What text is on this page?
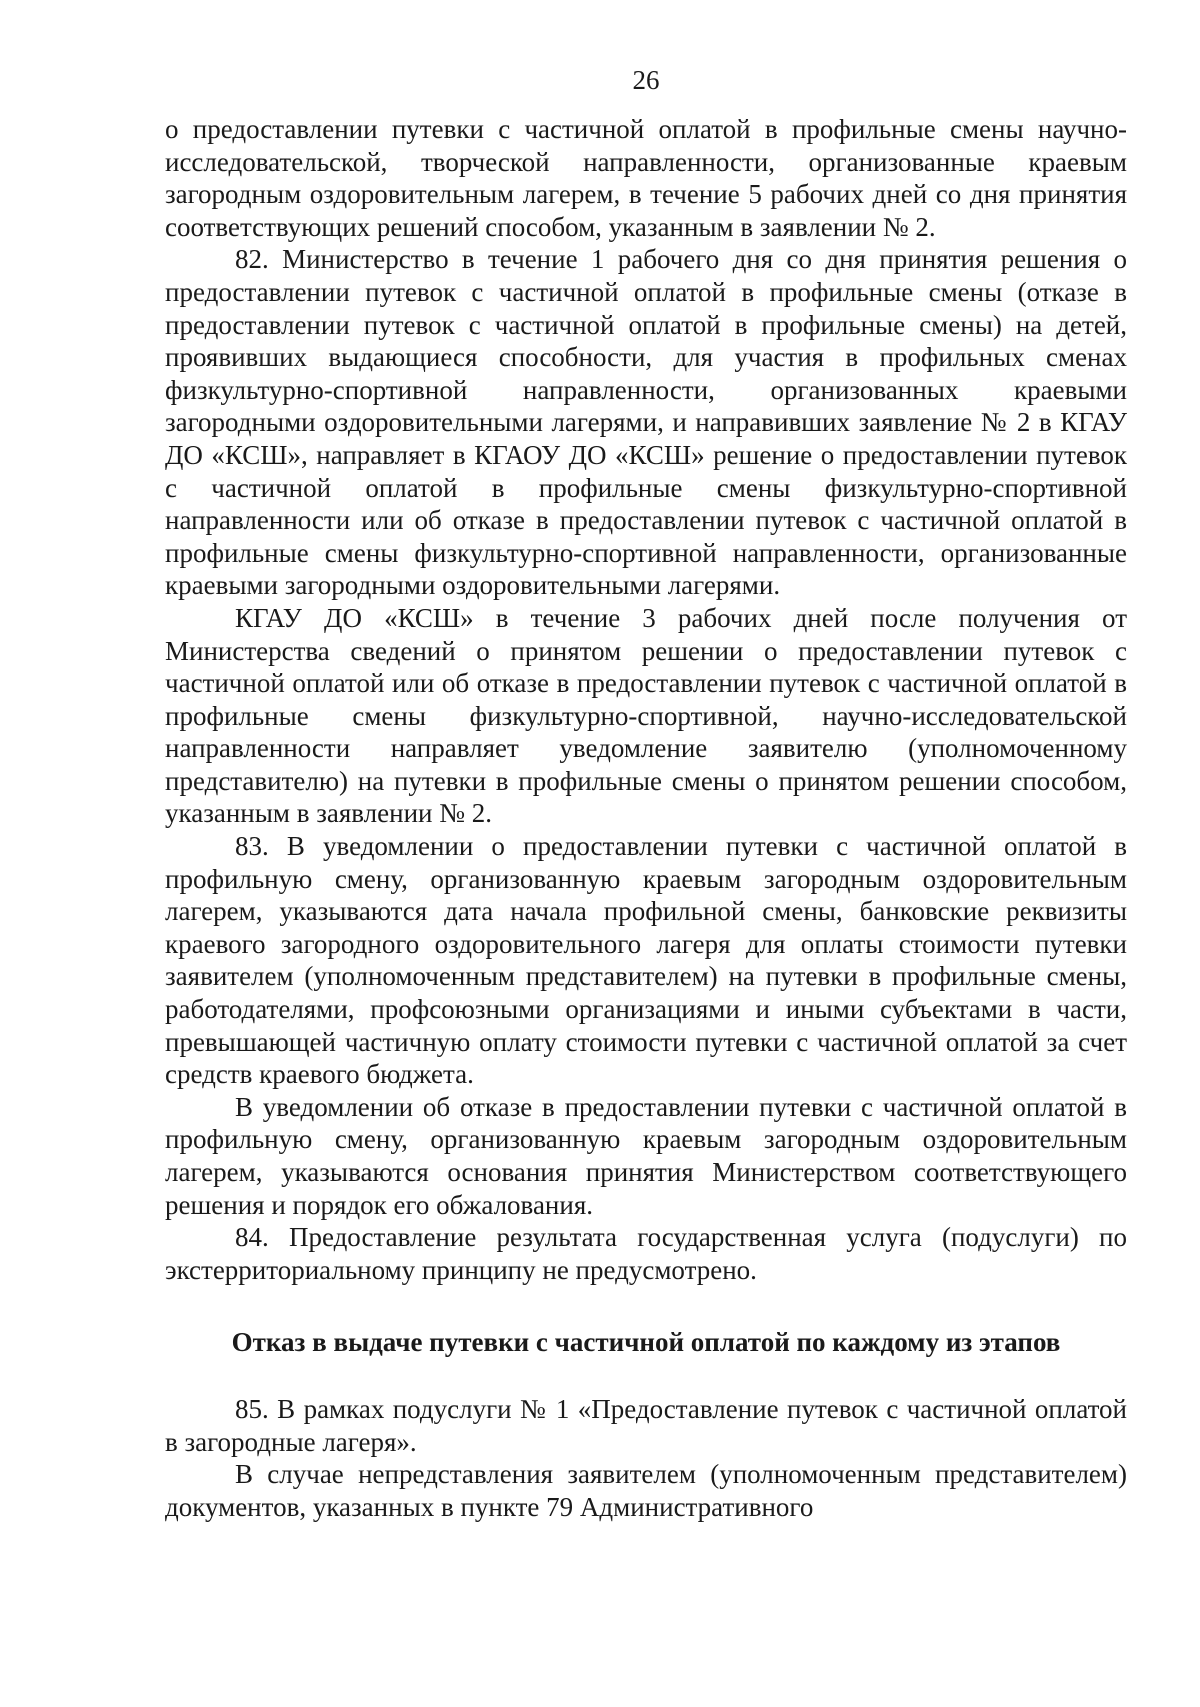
26

о предоставлении путевки с частичной оплатой в профильные смены научно-исследовательской, творческой направленности, организованные краевым загородным оздоровительным лагерем, в течение 5 рабочих дней со дня принятия соответствующих решений способом, указанным в заявлении № 2.

82. Министерство в течение 1 рабочего дня со дня принятия решения о предоставлении путевок с частичной оплатой в профильные смены (отказе в предоставлении путевок с частичной оплатой в профильные смены) на детей, проявивших выдающиеся способности, для участия в профильных сменах физкультурно-спортивной направленности, организованных краевыми загородными оздоровительными лагерями, и направивших заявление № 2 в КГАУ ДО «КСШ», направляет в КГАОУ ДО «КСШ» решение о предоставлении путевок с частичной оплатой в профильные смены физкультурно-спортивной направленности или об отказе в предоставлении путевок с частичной оплатой в профильные смены физкультурно-спортивной направленности, организованные краевыми загородными оздоровительными лагерями.

КГАУ ДО «КСШ» в течение 3 рабочих дней после получения от Министерства сведений о принятом решении о предоставлении путевок с частичной оплатой или об отказе в предоставлении путевок с частичной оплатой в профильные смены физкультурно-спортивной, научно-исследовательской направленности направляет уведомление заявителю (уполномоченному представителю) на путевки в профильные смены о принятом решении способом, указанным в заявлении № 2.

83. В уведомлении о предоставлении путевки с частичной оплатой в профильную смену, организованную краевым загородным оздоровительным лагерем, указываются дата начала профильной смены, банковские реквизиты краевого загородного оздоровительного лагеря для оплаты стоимости путевки заявителем (уполномоченным представителем) на путевки в профильные смены, работодателями, профсоюзными организациями и иными субъектами в части, превышающей частичную оплату стоимости путевки с частичной оплатой за счет средств краевого бюджета.

В уведомлении об отказе в предоставлении путевки с частичной оплатой в профильную смену, организованную краевым загородным оздоровительным лагерем, указываются основания принятия Министерством соответствующего решения и порядок его обжалования.

84. Предоставление результата государственная услуга (подуслуги) по экстерриториальному принципу не предусмотрено.

Отказ в выдаче путевки с частичной оплатой по каждому из этапов

85. В рамках подуслуги № 1 «Предоставление путевок с частичной оплатой в загородные лагеря».

В случае непредставления заявителем (уполномоченным представителем) документов, указанных в пункте 79 Административного
